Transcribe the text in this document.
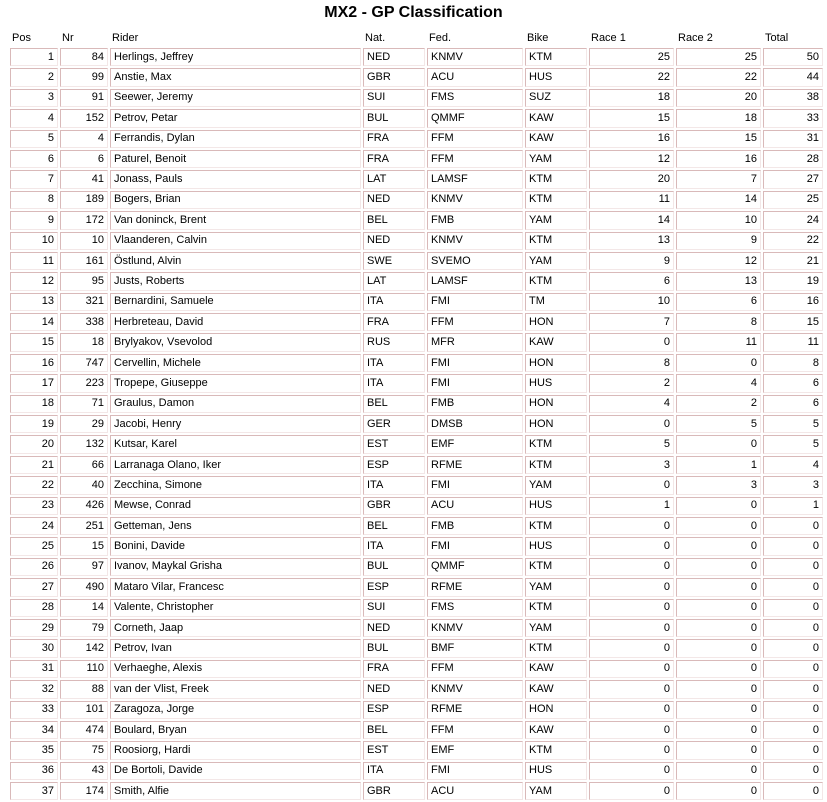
MX2 - GP Classification
Pos	Nr	Rider	Nat.	Fed.	Bike	Race 1	Race 2	Total
1	84	Herlings, Jeffrey	NED	KNMV	KTM	25	25	50
2	99	Anstie, Max	GBR	ACU	HUS	22	22	44
3	91	Seewer, Jeremy	SUI	FMS	SUZ	18	20	38
4	152	Petrov, Petar	BUL	QMMF	KAW	15	18	33
5	4	Ferrandis, Dylan	FRA	FFM	KAW	16	15	31
6	6	Paturel, Benoit	FRA	FFM	YAM	12	16	28
7	41	Jonass, Pauls	LAT	LAMSF	KTM	20	7	27
8	189	Bogers, Brian	NED	KNMV	KTM	11	14	25
9	172	Van doninck, Brent	BEL	FMB	YAM	14	10	24
10	10	Vlaanderen, Calvin	NED	KNMV	KTM	13	9	22
11	161	Östlund, Alvin	SWE	SVEMO	YAM	9	12	21
12	95	Justs, Roberts	LAT	LAMSF	KTM	6	13	19
13	321	Bernardini, Samuele	ITA	FMI	TM	10	6	16
14	338	Herbreteau, David	FRA	FFM	HON	7	8	15
15	18	Brylyakov, Vsevolod	RUS	MFR	KAW	0	11	11
16	747	Cervellin, Michele	ITA	FMI	HON	8	0	8
17	223	Tropepe, Giuseppe	ITA	FMI	HUS	2	4	6
18	71	Graulus, Damon	BEL	FMB	HON	4	2	6
19	29	Jacobi, Henry	GER	DMSB	HON	0	5	5
20	132	Kutsar, Karel	EST	EMF	KTM	5	0	5
21	66	Larranaga Olano, Iker	ESP	RFME	KTM	3	1	4
22	40	Zecchina, Simone	ITA	FMI	YAM	0	3	3
23	426	Mewse, Conrad	GBR	ACU	HUS	1	0	1
24	251	Getteman, Jens	BEL	FMB	KTM	0	0	0
25	15	Bonini, Davide	ITA	FMI	HUS	0	0	0
26	97	Ivanov, Maykal Grisha	BUL	QMMF	KTM	0	0	0
27	490	Mataro Vilar, Francesc	ESP	RFME	YAM	0	0	0
28	14	Valente, Christopher	SUI	FMS	KTM	0	0	0
29	79	Corneth, Jaap	NED	KNMV	YAM	0	0	0
30	142	Petrov, Ivan	BUL	BMF	KTM	0	0	0
31	110	Verhaeghe, Alexis	FRA	FFM	KAW	0	0	0
32	88	van der Vlist, Freek	NED	KNMV	KAW	0	0	0
33	101	Zaragoza, Jorge	ESP	RFME	HON	0	0	0
34	474	Boulard, Bryan	BEL	FFM	KAW	0	0	0
35	75	Roosiorg, Hardi	EST	EMF	KTM	0	0	0
36	43	De Bortoli, Davide	ITA	FMI	HUS	0	0	0
37	174	Smith, Alfie	GBR	ACU	YAM	0	0	0
